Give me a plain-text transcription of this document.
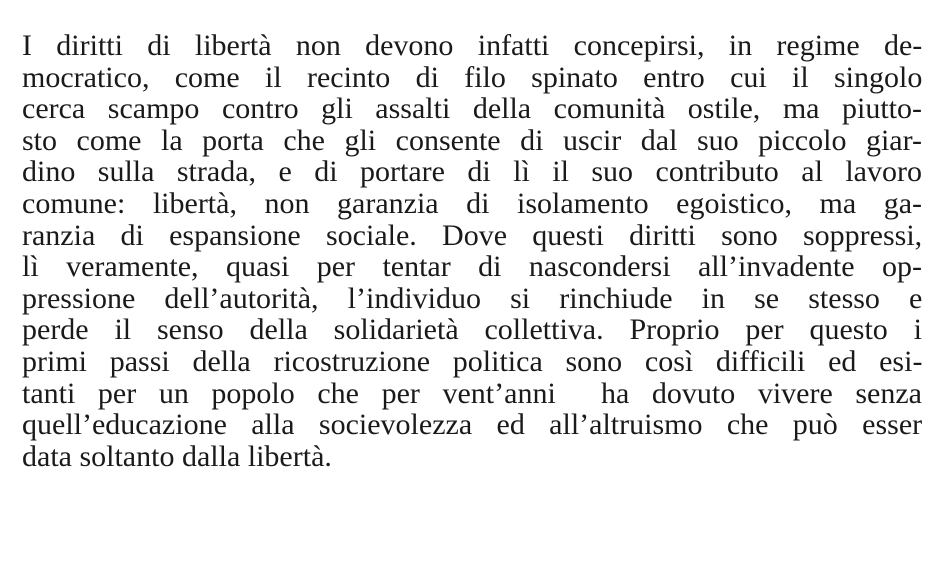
I diritti di libertà non devono infatti concepirsi, in regime de-
mocratico, come il recinto di filo spinato entro cui il singolo
cerca scampo contro gli assalti della comunità ostile, ma piutto-
sto come la porta che gli consente di uscir dal suo piccolo giar-
dino sulla strada, e di portare di lì il suo contributo al lavoro
comune: libertà, non garanzia di isolamento egoistico, ma ga-
ranzia di espansione sociale. Dove questi diritti sono soppressi,
lì veramente, quasi per tentar di nascondersi all’invadente op-
pressione dell’autorità, l’individuo si rinchiude in se stesso e
perde il senso della solidarietà collettiva. Proprio per questo i
primi passi della ricostruzione politica sono così difficili ed esi-
tanti per un popolo che per vent’anni  ha dovuto vivere senza
quell’educazione alla socievolezza ed all’altruismo che può esser
data soltanto dalla libertà.
